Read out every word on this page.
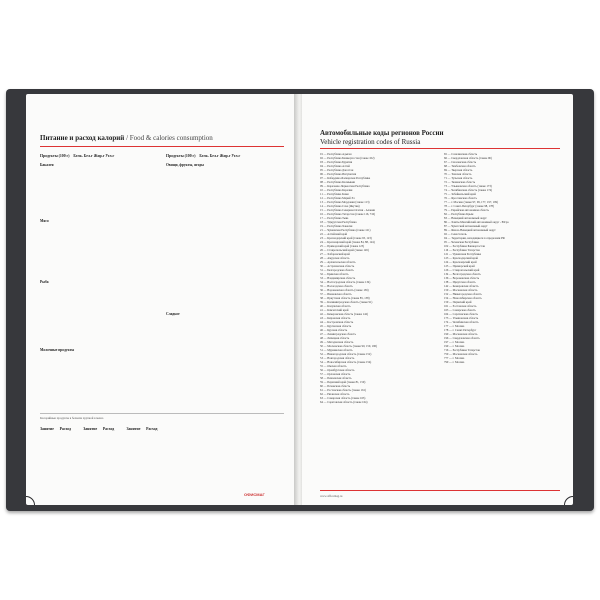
Питание и расход калорий / Food & calories consumption
Продукты (100 г) Белк. Бел.г Жир.г Угл.г	Продукты (100 г) Белк. Бел.г Жир.г Угл.г
Бакалея
Мясо
Рыба
Молочные продукты
Овощи, фрукты, ягоды
Сладкое
Калорийные продукты в белкахи хрупкой в меню
Занятие Расход	Занятие Расход	Занятие Расход
ОФИСМАГ
Автомобильные коды регионов России
Vehicle registration codes of Russia
01 — Республика Адыгея
02 — Республика Башкортостан (также 102)
03 — Республика Бурятия
04 — Республика Алтай
05 — Республика Дагестан
06 — Республика Ингушетия
07 — Кабардино-Балкарская Республика
08 — Республика Калмыкия
09 — Карачаево-Черкесская Республика
10 — Республика Карелия
11 — Республика Коми
12 — Республика Марий Эл
13 — Республика Мордовия (также 113)
14 — Республика Саха (Якутия)
15 — Республика Северная Осетия - Алания
16 — Республика Татарстан (также 116, 716)
17 — Республика Тыва
18 — Удмуртская Республика
19 — Республика Хакасия
21 — Чувашская Республика (также 121)
22 — Алтайский край
23 — Краснодарский край (также 93, 123)
24 — Красноярский край (также 84, 88, 124)
25 — Приморский край (также 125)
26 — Ставропольский край (также 126)
27 — Хабаровский край
28 — Амурская область
29 — Архангельская область
30 — Астраханская область
31 — Белгородская область
32 — Брянская область
33 — Владимирская область
34 — Волгоградская область (также 134)
35 — Вологодская область
36 — Воронежская область (также 136)
37 — Ивановская область
38 — Иркутская область (также 85, 138)
39 — Калининградская область (также 91)
40 — Калужская область
41 — Камчатский край
42 — Кемеровская область (также 142)
43 — Кировская область
44 — Костромская область
45 — Курганская область
46 — Курская область
47 — Ленинградская область
48 — Липецкая область
49 — Магаданская область
50 — Московская область (также 90, 150, 190)
51 — Мурманская область
52 — Нижегородская область (также 152)
53 — Новгородская область
54 — Новосибирская область (также 154)
55 — Омская область
56 — Оренбургская область
57 — Орловская область
58 — Пензенская область
59 — Пермский край (также 81, 159)
60 — Псковская область
61 — Ростовская область (также 161)
62 — Рязанская область
63 — Самарская область (также 163)
64 — Саратовская область (также 164)
65 — Сахалинская область
66 — Свердловская область (также 96)
67 — Смоленская область
68 — Тамбовская область
69 — Тверская область
70 — Томская область
71 — Тульская область
72 — Тюменская область
73 — Ульяновская область (также 173)
74 — Челябинская область (также 174)
75 — Забайкальский край
76 — Ярославская область
77 — г. Москва (также 97, 99, 177, 197, 199)
78 — г. Санкт-Петербург (также 98, 178)
79 — Еврейская автономная область
82 — Республика Крым
83 — Ненецкий автономный округ
86 — Ханты-Мансийский автономный округ - Югра
87 — Чукотский автономный округ
89 — Ямало-Ненецкий автономный округ
92 — Севастополь
94 — Территории, находящиеся за пределами РФ
95 — Чеченская Республика
102 — Республика Башкортостан
116 — Республика Татарстан
121 — Чувашская Республика
123 — Краснодарский край
124 — Красноярский край
125 — Приморский край
126 — Ставропольский край
134 — Волгоградская область
136 — Воронежская область
138 — Иркутская область
142 — Кемеровская область
150 — Московская область
152 — Нижегородская область
154 — Новосибирская область
159 — Пермский край
161 — Ростовская область
163 — Самарская область
164 — Саратовская область
173 — Ульяновская область
174 — Челябинская область
177 — г. Москва
178 — г. Санкт-Петербург
190 — Московская область
196 — Свердловская область
197 — г. Москва
199 — г. Москва
716 — Республика Татарстан
750 — Московская область
777 — г. Москва
799 — г. Москва
www.officemag.ru
